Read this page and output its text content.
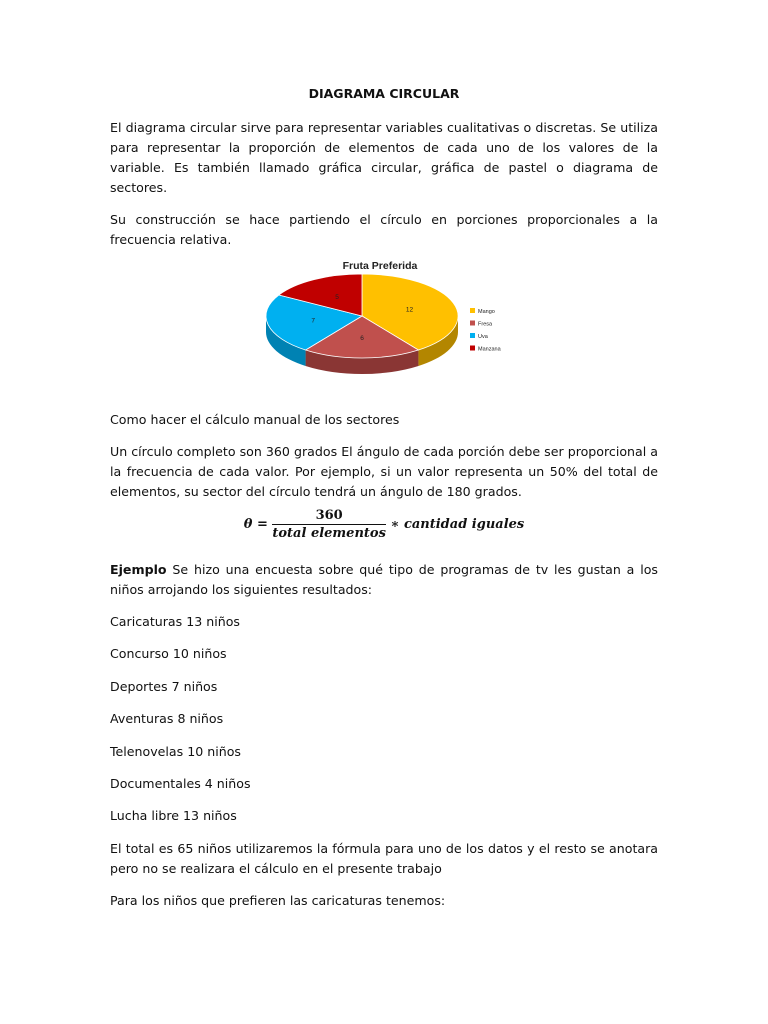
DIAGRAMA CIRCULAR

El diagrama circular sirve para representar variables cualitativas o discretas. Se utiliza para representar la proporción de elementos de cada uno de los valores de la variable. Es también llamado gráfica circular, gráfica de pastel o diagrama de sectores.

Su construcción se hace partiendo el círculo en porciones proporcionales a la frecuencia relativa.

Fruta Preferida
12
6
7
5
Mango
Fresa
Uva
Manzana

Como hacer el cálculo manual de los sectores

Un círculo completo son 360 grados El ángulo de cada porción debe ser proporcional a la frecuencia de cada valor. Por ejemplo, si un valor representa un 50% del total de elementos, su sector del círculo tendrá un ángulo de 180 grados.

$\theta = \frac{360}{\text{total elementos}}$ ∗ cantidad iguales

Ejemplo Se hizo una encuesta sobre qué tipo de programas de tv les gustan a los niños arrojando los siguientes resultados:

Caricaturas 13 niños

Concurso 10 niños

Deportes 7 niños

Aventuras 8 niños

Telenovelas 10 niños

Documentales 4 niños

Lucha libre 13 niños

El total es 65 niños utilizaremos la fórmula para uno de los datos y el resto se anotara pero no se realizara el cálculo en el presente trabajo

Para los niños que prefieren las caricaturas tenemos:
